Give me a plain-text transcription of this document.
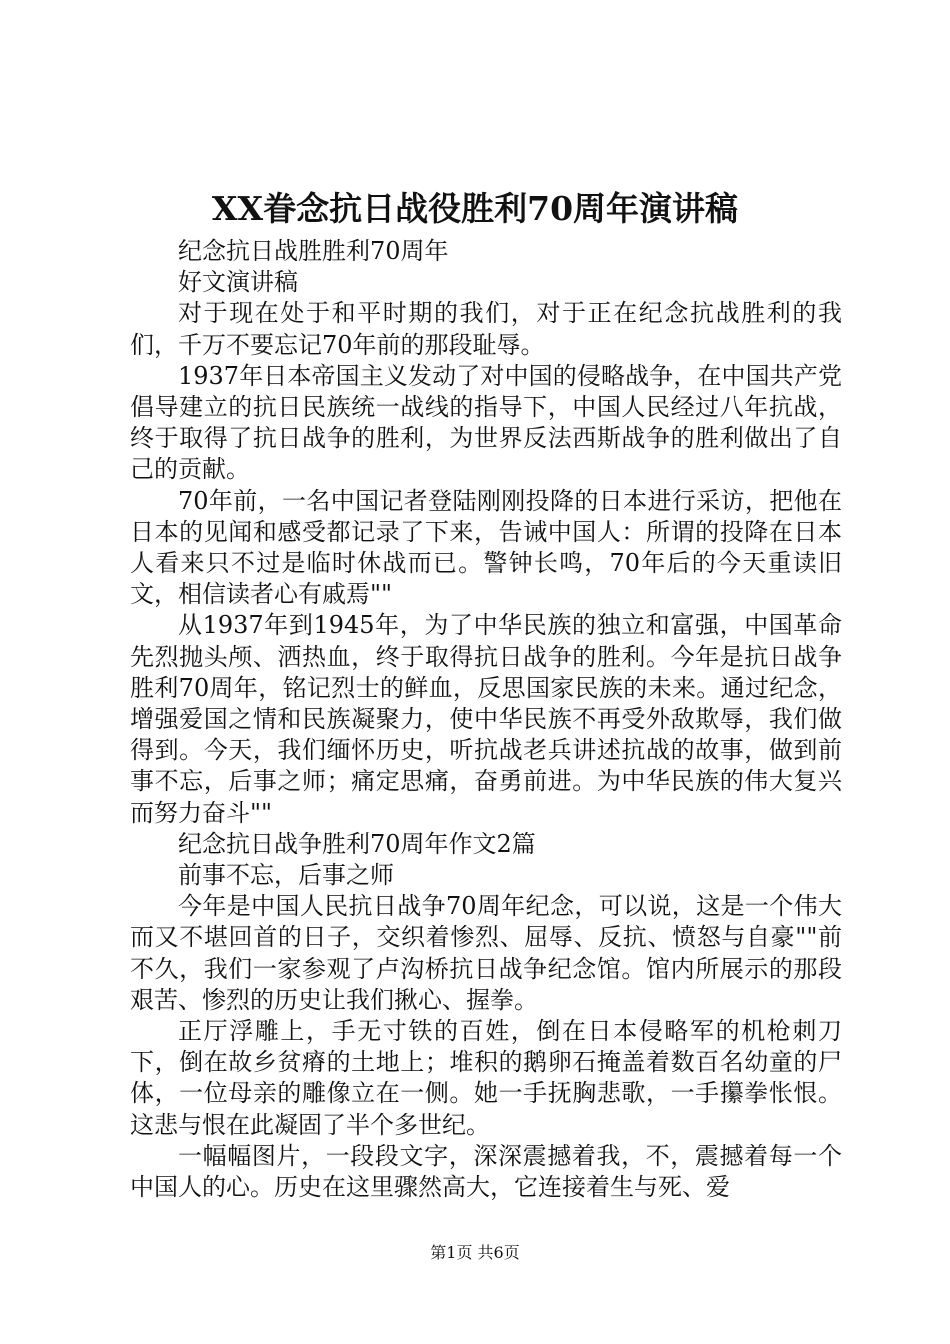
XX眷念抗日战役胜利70周年演讲稿

纪念抗日战胜胜利70周年

好文演讲稿

对于现在处于和平时期的我们，对于正在纪念抗战胜利的我们，千万不要忘记70年前的那段耻辱。

1937年日本帝国主义发动了对中国的侵略战争，在中国共产党倡导建立的抗日民族统一战线的指导下，中国人民经过八年抗战，终于取得了抗日战争的胜利，为世界反法西斯战争的胜利做出了自己的贡献。

70年前，一名中国记者登陆刚刚投降的日本进行采访，把他在日本的见闻和感受都记录了下来，告诫中国人：所谓的投降在日本人看来只不过是临时休战而已。警钟长鸣，70年后的今天重读旧文，相信读者心有戚焉""

从1937年到1945年，为了中华民族的独立和富强，中国革命先烈抛头颅、洒热血，终于取得抗日战争的胜利。今年是抗日战争胜利70周年，铭记烈士的鲜血，反思国家民族的未来。通过纪念，增强爱国之情和民族凝聚力，使中华民族不再受外敌欺辱，我们做得到。今天，我们缅怀历史，听抗战老兵讲述抗战的故事，做到前事不忘，后事之师；痛定思痛，奋勇前进。为中华民族的伟大复兴而努力奋斗""

纪念抗日战争胜利70周年作文2篇

前事不忘，后事之师

今年是中国人民抗日战争70周年纪念，可以说，这是一个伟大而又不堪回首的日子，交织着惨烈、屈辱、反抗、愤怒与自豪""前不久，我们一家参观了卢沟桥抗日战争纪念馆。馆内所展示的那段艰苦、惨烈的历史让我们揪心、握拳。

正厅浮雕上，手无寸铁的百姓，倒在日本侵略军的机枪刺刀下，倒在故乡贫瘠的土地上；堆积的鹅卵石掩盖着数百名幼童的尸体，一位母亲的雕像立在一侧。她一手抚胸悲歌，一手攥拳怅恨。这悲与恨在此凝固了半个多世纪。

一幅幅图片，一段段文字，深深震撼着我，不，震撼着每一个中国人的心。历史在这里骤然高大，它连接着生与死、爱

第1页 共6页
